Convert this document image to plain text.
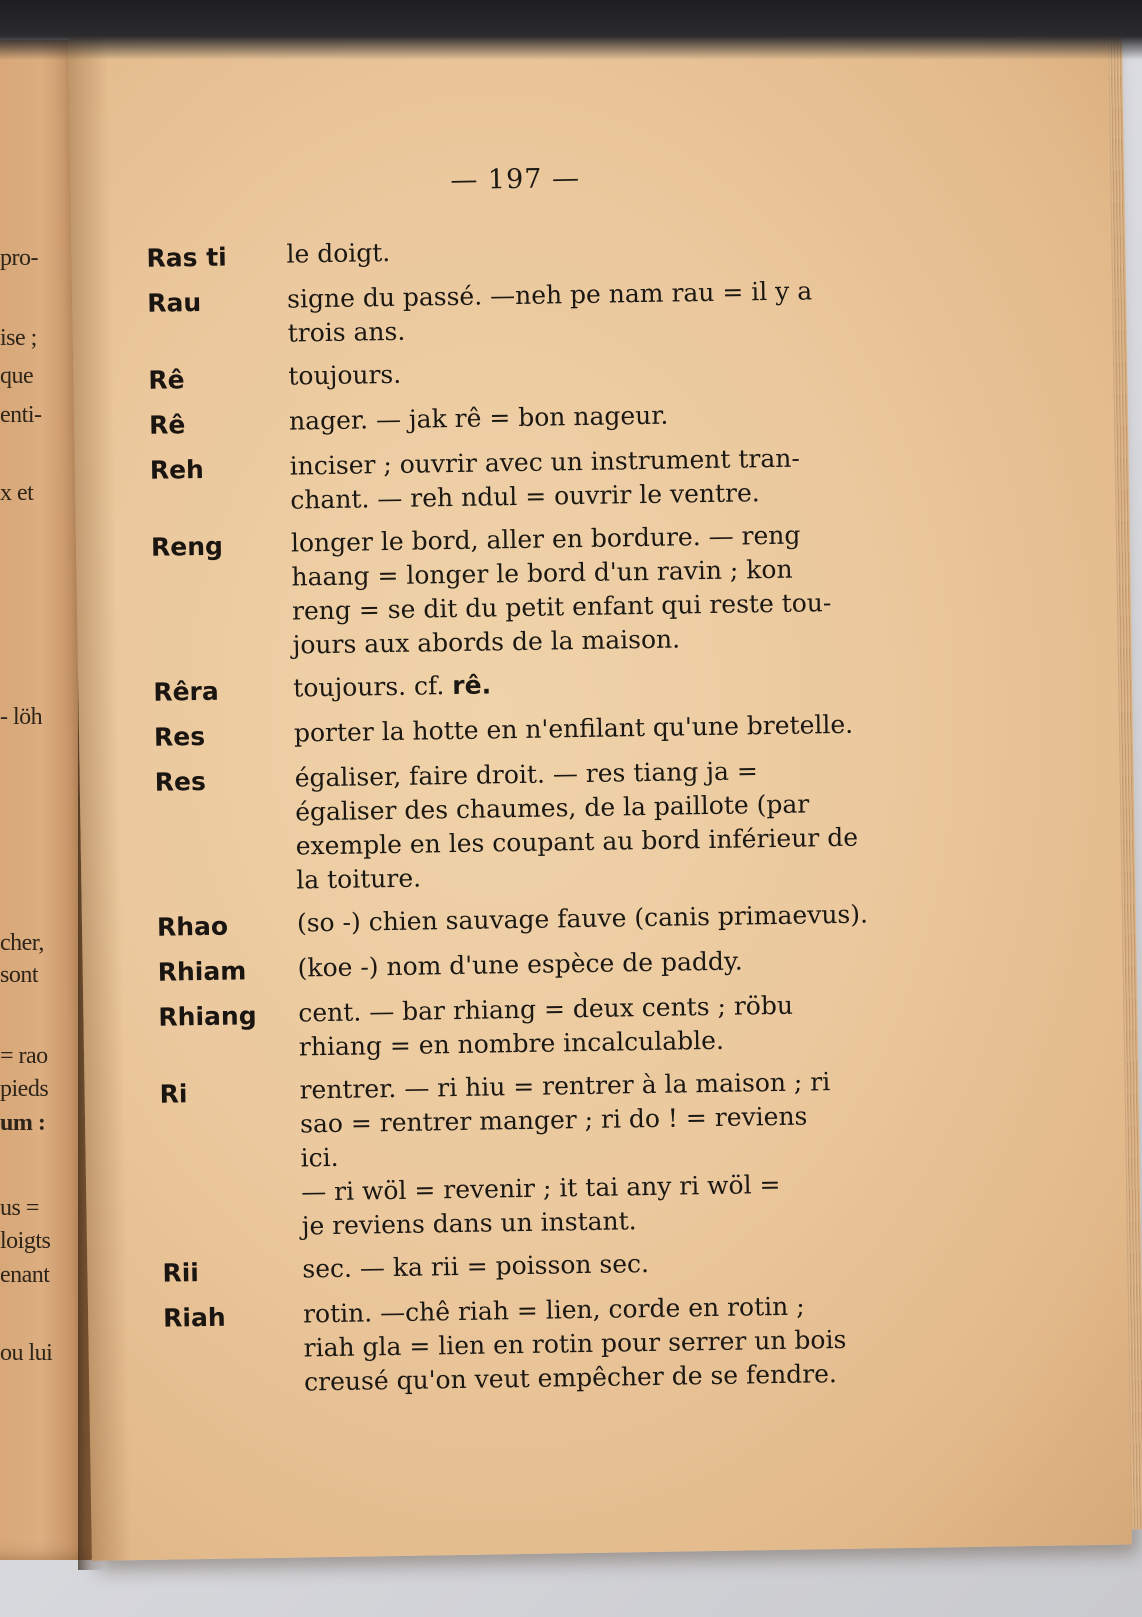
pro-
ise ;
que
enti-
x et
- löh
cher,
sont
= rao
pieds
um :
us =
loigts
enant
ou lui
— 197 —
Ras ti	le doigt.
Rau	signe du passé. —neh pe nam rau = il y a
trois ans.
Rê	toujours.
Rê	nager. — jak rê = bon nageur.
Reh	inciser ; ouvrir avec un instrument tran-
chant. — reh ndul = ouvrir le ventre.
Reng	longer le bord, aller en bordure. — reng
haang = longer le bord d'un ravin ; kon
reng = se dit du petit enfant qui reste tou-
jours aux abords de la maison.
Rêra	toujours. cf. rê.
Res	porter la hotte en n'enfilant qu'une bretelle.
Res	égaliser, faire droit. — res tiang ja =
égaliser des chaumes, de la paillote (par
exemple en les coupant au bord inférieur de
la toiture.
Rhao	(so -) chien sauvage fauve (canis primaevus).
Rhiam	(koe -) nom d'une espèce de paddy.
Rhiang	cent. — bar rhiang = deux cents ; röbu
rhiang = en nombre incalculable.
Ri	rentrer. — ri hiu = rentrer à la maison ; ri
sao = rentrer manger ; ri do ! = reviens
ici.
— ri wöl = revenir ; it tai any ri wöl =
je reviens dans un instant.
Rii	sec. — ka rii = poisson sec.
Riah	rotin. —chê riah = lien, corde en rotin ;
riah gla = lien en rotin pour serrer un bois
creusé qu'on veut empêcher de se fendre.
